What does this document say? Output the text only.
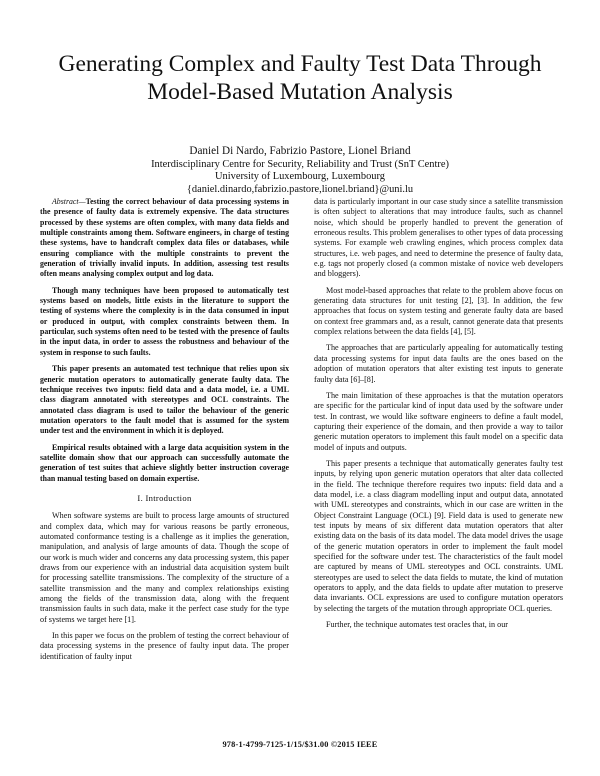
Generating Complex and Faulty Test Data Through
Model-Based Mutation Analysis
Daniel Di Nardo, Fabrizio Pastore, Lionel Briand
Interdisciplinary Centre for Security, Reliability and Trust (SnT Centre)
University of Luxembourg, Luxembourg
{daniel.dinardo,fabrizio.pastore,lionel.briand}@uni.lu

Abstract—Testing the correct behaviour of data processing systems in the presence of faulty data is extremely expensive. The data structures processed by these systems are often complex, with many data fields and multiple constraints among them. Software engineers, in charge of testing these systems, have to handcraft complex data files or databases, while ensuring compliance with the multiple constraints to prevent the generation of trivially invalid inputs. In addition, assessing test results often means analysing complex output and log data.

Though many techniques have been proposed to automatically test systems based on models, little exists in the literature to support the testing of systems where the complexity is in the data consumed in input or produced in output, with complex constraints between them. In particular, such systems often need to be tested with the presence of faults in the input data, in order to assess the robustness and behaviour of the system in response to such faults.

This paper presents an automated test technique that relies upon six generic mutation operators to automatically generate faulty data. The technique receives two inputs: field data and a data model, i.e. a UML class diagram annotated with stereotypes and OCL constraints. The annotated class diagram is used to tailor the behaviour of the generic mutation operators to the fault model that is assumed for the system under test and the environment in which it is deployed.

Empirical results obtained with a large data acquisition system in the satellite domain show that our approach can successfully automate the generation of test suites that achieve slightly better instruction coverage than manual testing based on domain expertise.

I. Introduction

When software systems are built to process large amounts of structured and complex data, which may for various reasons be partly erroneous, automated conformance testing is a challenge as it implies the generation, manipulation, and analysis of large amounts of data. Though the scope of our work is much wider and concerns any data processing system, this paper draws from our experience with an industrial data acquisition system built for processing satellite transmissions. The complexity of the structure of a satellite transmission and the many and complex relationships existing among the fields of the transmission data, along with the frequent transmission faults in such data, make it the perfect case study for the type of systems we target here [1].

In this paper we focus on the problem of testing the correct behaviour of data processing systems in the presence of faulty input data. The proper identification of faulty input

data is particularly important in our case study since a satellite transmission is often subject to alterations that may introduce faults, such as channel noise, which should be properly handled to prevent the generation of erroneous results. This problem generalises to other types of data processing systems. For example web crawling engines, which process complex data structures, i.e. web pages, and need to determine the presence of faulty data, e.g. tags not properly closed (a common mistake of novice web developers and bloggers).

Most model-based approaches that relate to the problem above focus on generating data structures for unit testing [2], [3]. In addition, the few approaches that focus on system testing and generate faulty data are based on context free grammars and, as a result, cannot generate data that presents complex relations between the data fields [4], [5].

The approaches that are particularly appealing for automatically testing data processing systems for input data faults are the ones based on the adoption of mutation operators that alter existing test inputs to generate faulty data [6]–[8].

The main limitation of these approaches is that the mutation operators are specific for the particular kind of input data used by the software under test. In contrast, we would like software engineers to define a fault model, capturing their experience of the domain, and then provide a way to tailor generic mutation operators to implement this fault model on a specific data model of inputs and outputs.

This paper presents a technique that automatically generates faulty test inputs, by relying upon generic mutation operators that alter data collected in the field. The technique therefore requires two inputs: field data and a data model, i.e. a class diagram modelling input and output data, annotated with UML stereotypes and constraints, which in our case are written in the Object Constraint Language (OCL) [9]. Field data is used to generate new test inputs by means of six different data mutation operators that alter existing data on the basis of its data model. The data model drives the usage of the generic mutation operators in order to implement the fault model specified for the software under test. The characteristics of the fault model are captured by means of UML stereotypes and OCL constraints. UML stereotypes are used to select the data fields to mutate, the kind of mutation operators to apply, and the data fields to update after mutation to preserve data invariants. OCL expressions are used to configure mutation operators by selecting the targets of the mutation through appropriate OCL queries.

Further, the technique automates test oracles that, in our

978-1-4799-7125-1/15/$31.00 ©2015 IEEE
